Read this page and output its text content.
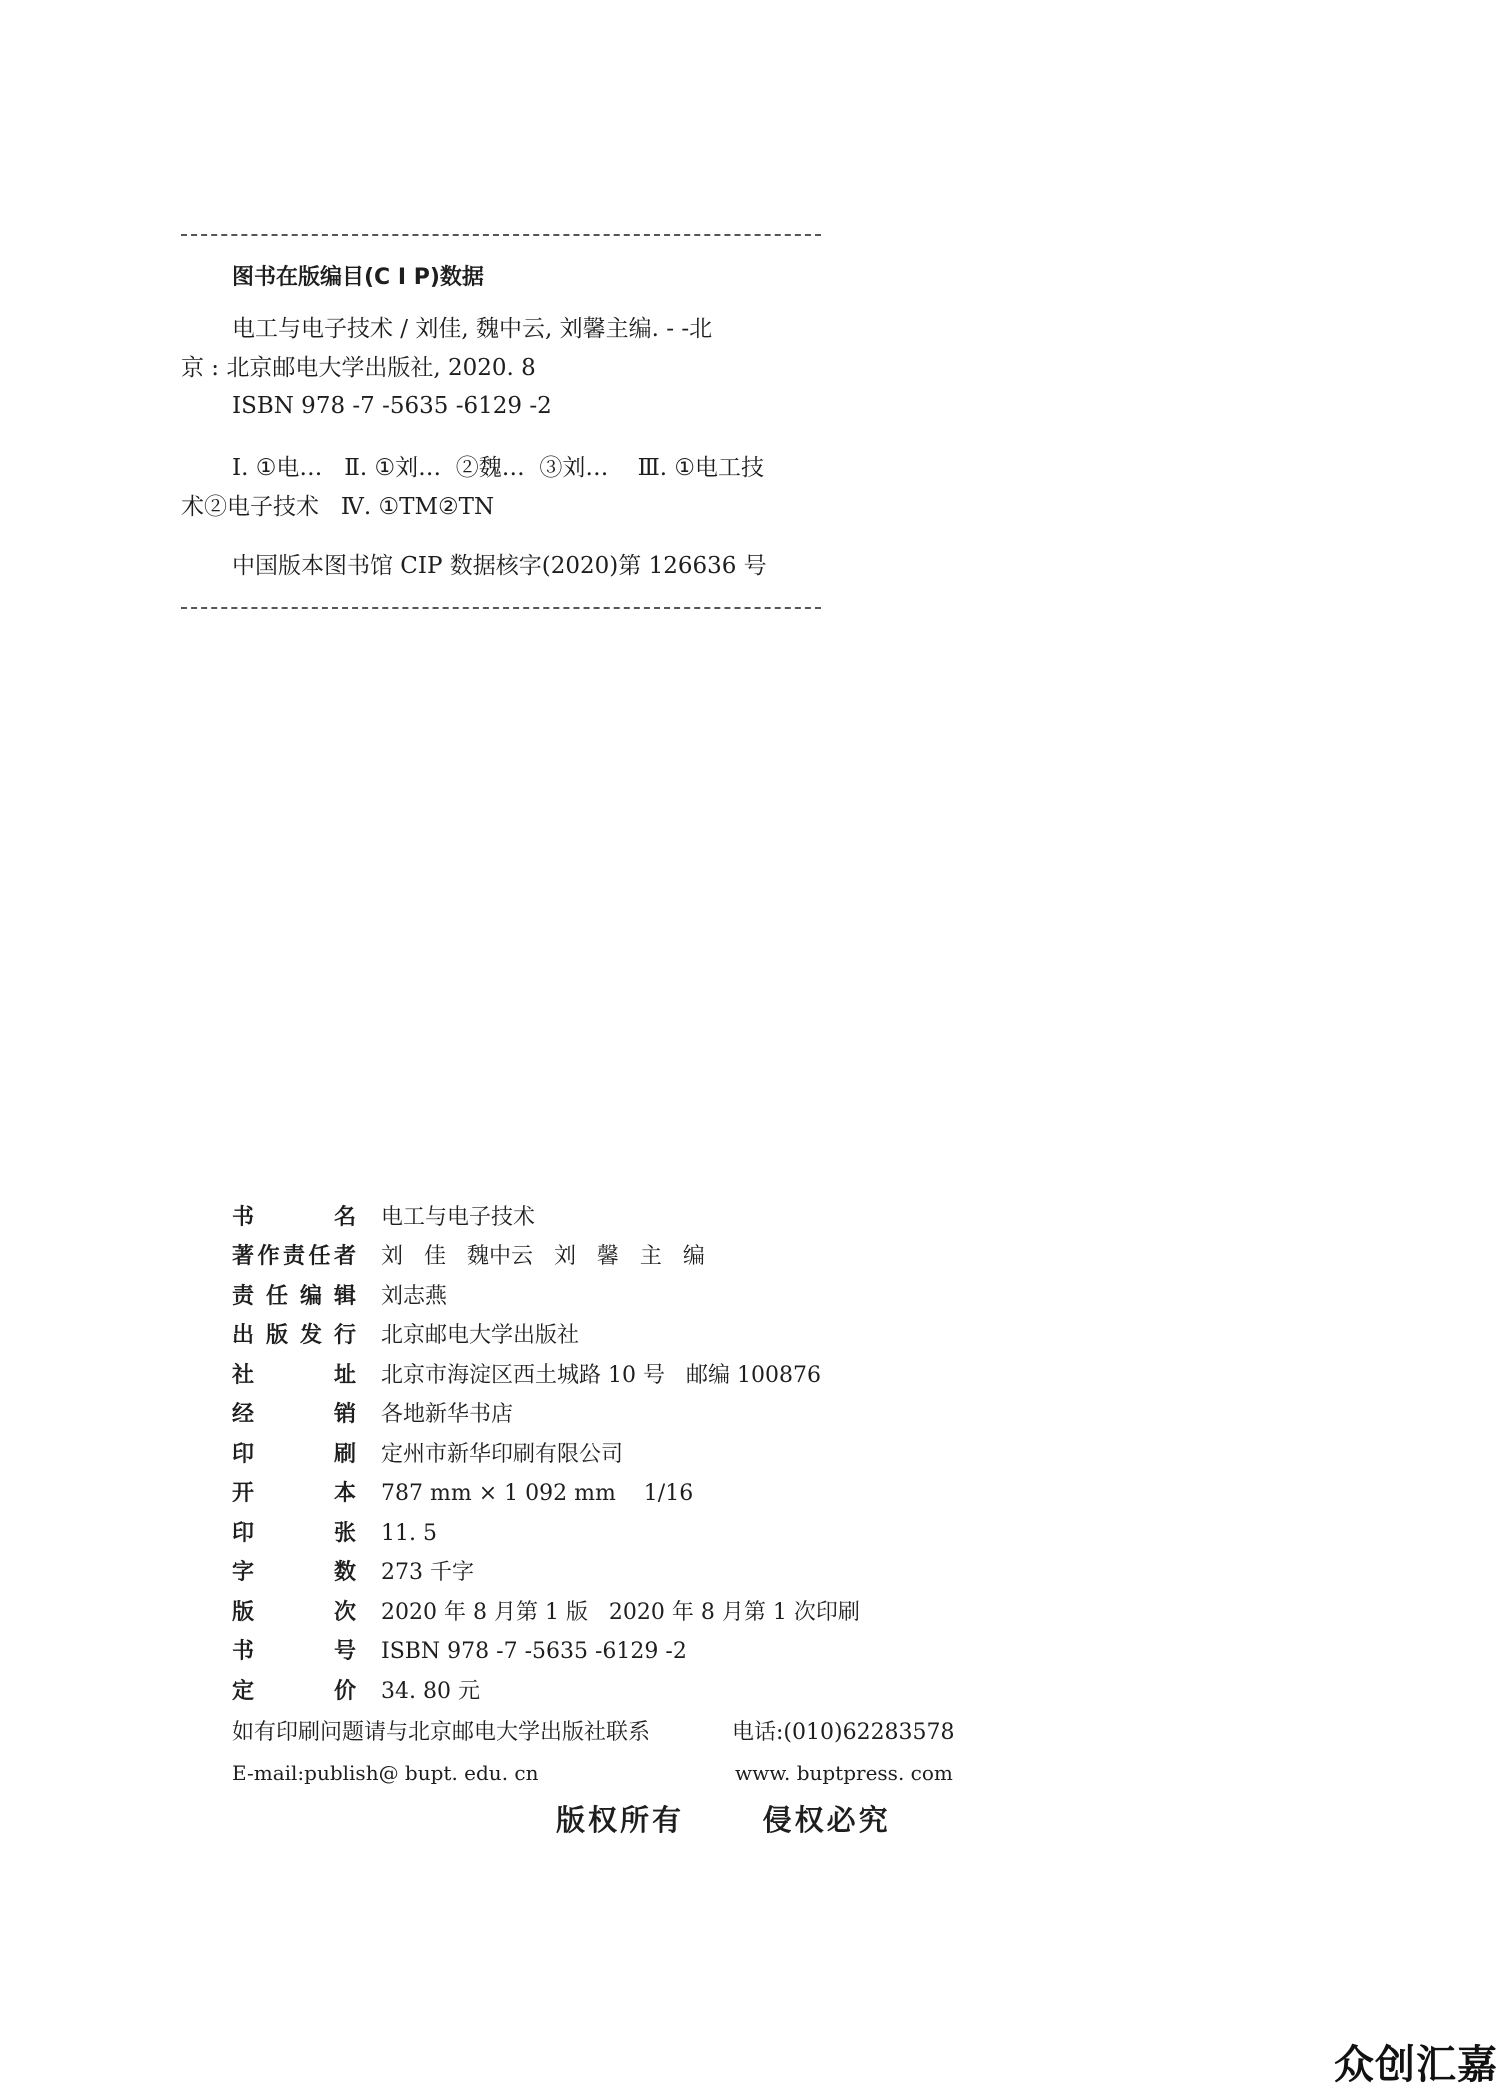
图书在版编目(C I P)数据
电工与电子技术 / 刘佳, 魏中云, 刘馨主编. - -北
京 : 北京邮电大学出版社, 2020. 8
ISBN 978 -7 -5635 -6129 -2
Ⅰ. ①电…   Ⅱ. ①刘…  ②魏…  ③刘…    Ⅲ. ①电工技
术②电子技术   Ⅳ. ①TM②TN
中国版本图书馆 CIP 数据核字(2020)第 126636 号
书名 电工与电子技术
著作责任者 刘   佳   魏中云   刘   馨   主   编
责任编辑 刘志燕
出版发行 北京邮电大学出版社
社址 北京市海淀区西土城路 10 号   邮编 100876
经销 各地新华书店
印刷 定州市新华印刷有限公司
开本 787 mm × 1 092 mm    1/16
印张 11. 5
字数 273 千字
版次 2020 年 8 月第 1 版   2020 年 8 月第 1 次印刷
书号 ISBN 978 -7 -5635 -6129 -2
定价 34. 80 元
如有印刷问题请与北京邮电大学出版社联系	电话:(010)62283578
E-mail:publish@ bupt. edu. cn	www. buptpress. com
版权所有      侵权必究
众创汇嘉
